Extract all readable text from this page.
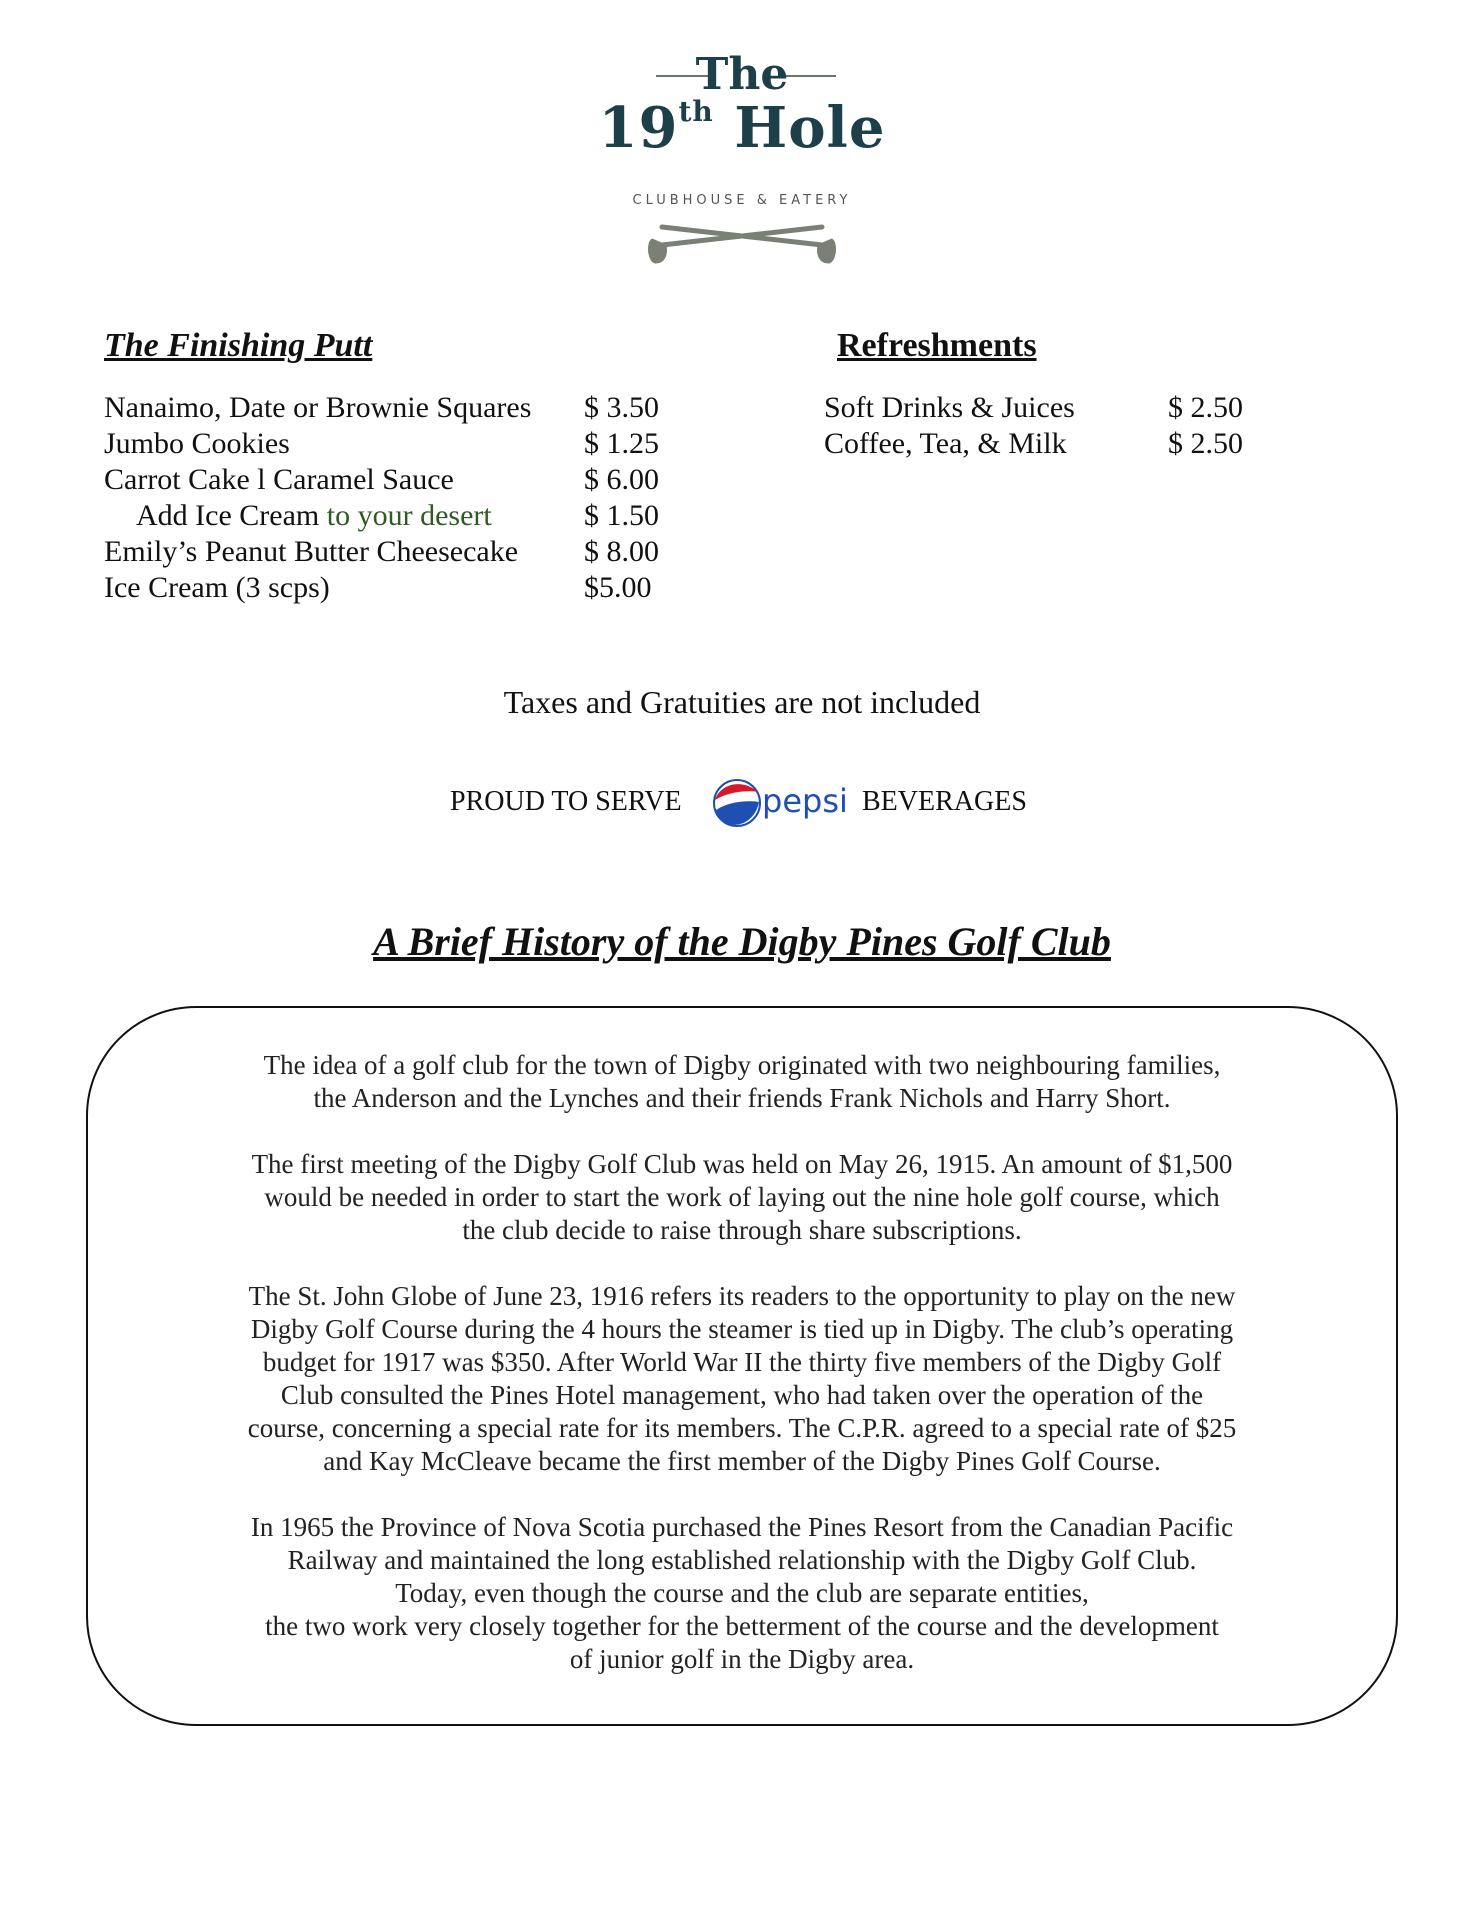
The
19th Hole
CLUBHOUSE & EATERY
The Finishing Putt
Nanaimo, Date or Brownie Squares $ 3.50
Jumbo Cookies	$ 1.25
Carrot Cake l Caramel Sauce	$ 6.00
Add Ice Cream to your desert	$ 1.50
Emily’s Peanut Butter Cheesecake $ 8.00
Ice Cream (3 scps)	$5.00
Refreshments
Soft Drinks & Juices	$ 2.50
Coffee, Tea, & Milk	$ 2.50
Taxes and Gratuities are not included
PROUD TO SERVE	pepsi BEVERAGES
A Brief History of the Digby Pines Golf Club
The idea of a golf club for the town of Digby originated with two neighbouring families,
the Anderson and the Lynches and their friends Frank Nichols and Harry Short.
The first meeting of the Digby Golf Club was held on May 26, 1915. An amount of $1,500
would be needed in order to start the work of laying out the nine hole golf course, which
the club decide to raise through share subscriptions.
The St. John Globe of June 23, 1916 refers its readers to the opportunity to play on the new
Digby Golf Course during the 4 hours the steamer is tied up in Digby. The club’s operating
budget for 1917 was $350. After World War II the thirty five members of the Digby Golf
Club consulted the Pines Hotel management, who had taken over the operation of the
course, concerning a special rate for its members. The C.P.R. agreed to a special rate of $25
and Kay McCleave became the first member of the Digby Pines Golf Course.
In 1965 the Province of Nova Scotia purchased the Pines Resort from the Canadian Pacific
Railway and maintained the long established relationship with the Digby Golf Club.
Today, even though the course and the club are separate entities,
the two work very closely together for the betterment of the course and the development
of junior golf in the Digby area.
